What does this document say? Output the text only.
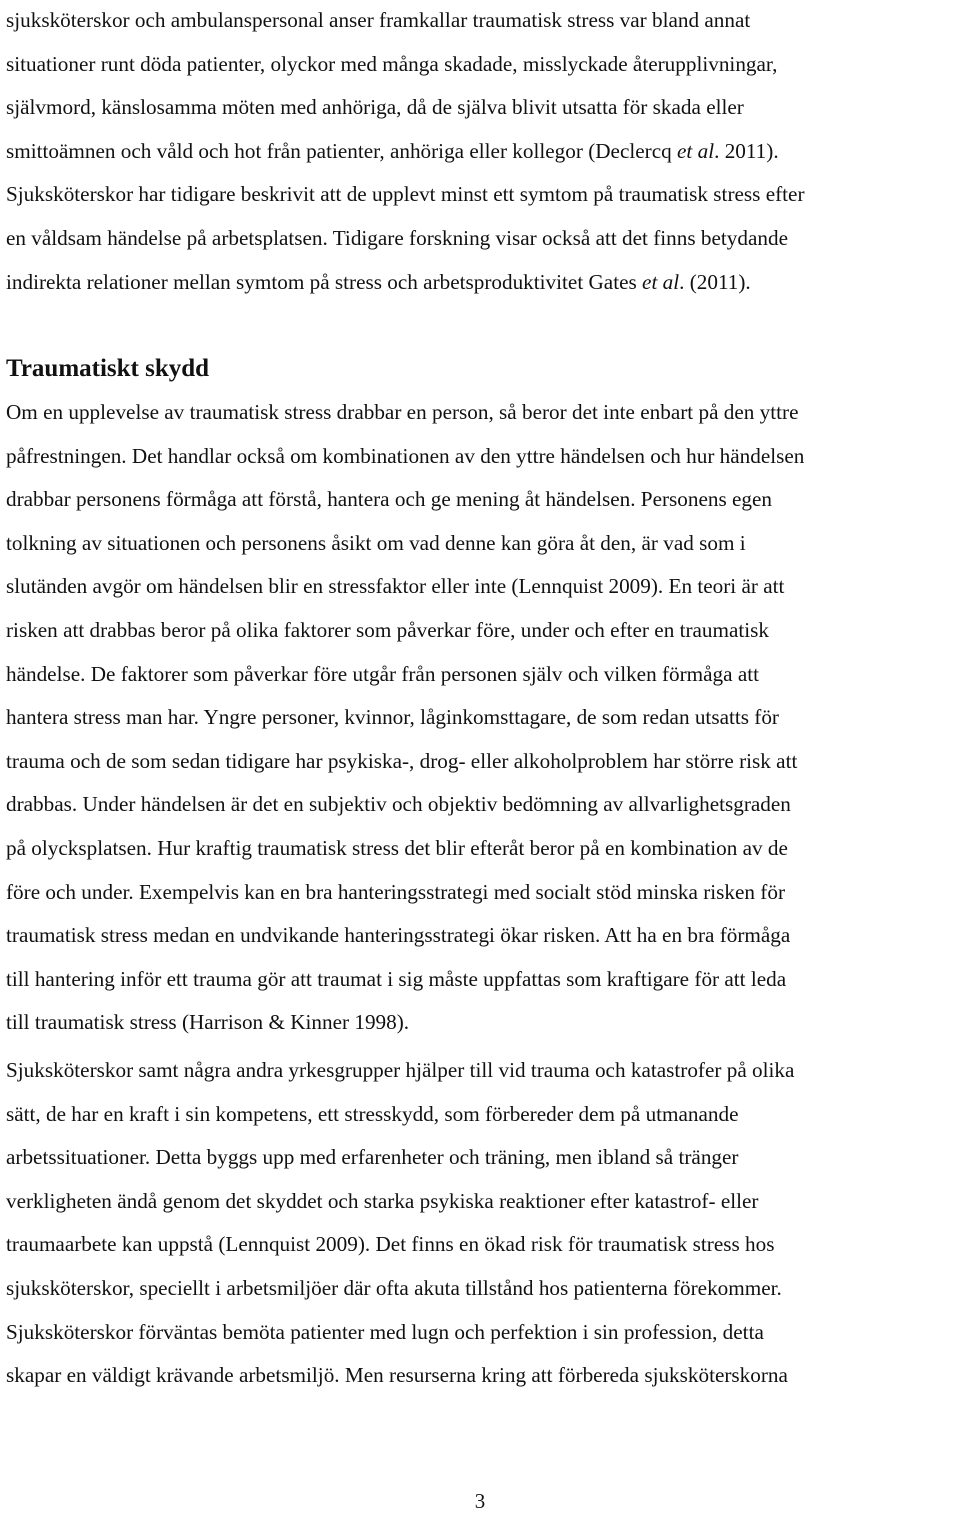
sjuksköterskor och ambulanspersonal anser framkallar traumatisk stress var bland annat
situationer runt döda patienter, olyckor med många skadade, misslyckade återupplivningar,
självmord, känslosamma möten med anhöriga, då de själva blivit utsatta för skada eller
smittoämnen och våld och hot från patienter, anhöriga eller kollegor (Declercq et al. 2011).
Sjuksköterskor har tidigare beskrivit att de upplevt minst ett symtom på traumatisk stress efter
en våldsam händelse på arbetsplatsen. Tidigare forskning visar också att det finns betydande
indirekta relationer mellan symtom på stress och arbetsproduktivitet Gates et al. (2011).

Traumatiskt skydd

Om en upplevelse av traumatisk stress drabbar en person, så beror det inte enbart på den yttre
påfrestningen. Det handlar också om kombinationen av den yttre händelsen och hur händelsen
drabbar personens förmåga att förstå, hantera och ge mening åt händelsen. Personens egen
tolkning av situationen och personens åsikt om vad denne kan göra åt den, är vad som i
slutänden avgör om händelsen blir en stressfaktor eller inte (Lennquist 2009). En teori är att
risken att drabbas beror på olika faktorer som påverkar före, under och efter en traumatisk
händelse. De faktorer som påverkar före utgår från personen själv och vilken förmåga att
hantera stress man har. Yngre personer, kvinnor, låginkomsttagare, de som redan utsatts för
trauma och de som sedan tidigare har psykiska-, drog- eller alkoholproblem har större risk att
drabbas. Under händelsen är det en subjektiv och objektiv bedömning av allvarlighetsgraden
på olycksplatsen. Hur kraftig traumatisk stress det blir efteråt beror på en kombination av de
före och under. Exempelvis kan en bra hanteringsstrategi med socialt stöd minska risken för
traumatisk stress medan en undvikande hanteringsstrategi ökar risken. Att ha en bra förmåga
till hantering inför ett trauma gör att traumat i sig måste uppfattas som kraftigare för att leda
till traumatisk stress (Harrison & Kinner 1998).

Sjuksköterskor samt några andra yrkesgrupper hjälper till vid trauma och katastrofer på olika
sätt, de har en kraft i sin kompetens, ett stresskydd, som förbereder dem på utmanande
arbetssituationer. Detta byggs upp med erfarenheter och träning, men ibland så tränger
verkligheten ändå genom det skyddet och starka psykiska reaktioner efter katastrof- eller
traumaarbete kan uppstå (Lennquist 2009). Det finns en ökad risk för traumatisk stress hos
sjuksköterskor, speciellt i arbetsmiljöer där ofta akuta tillstånd hos patienterna förekommer.
Sjuksköterskor förväntas bemöta patienter med lugn och perfektion i sin profession, detta
skapar en väldigt krävande arbetsmiljö. Men resurserna kring att förbereda sjuksköterskorna

3
